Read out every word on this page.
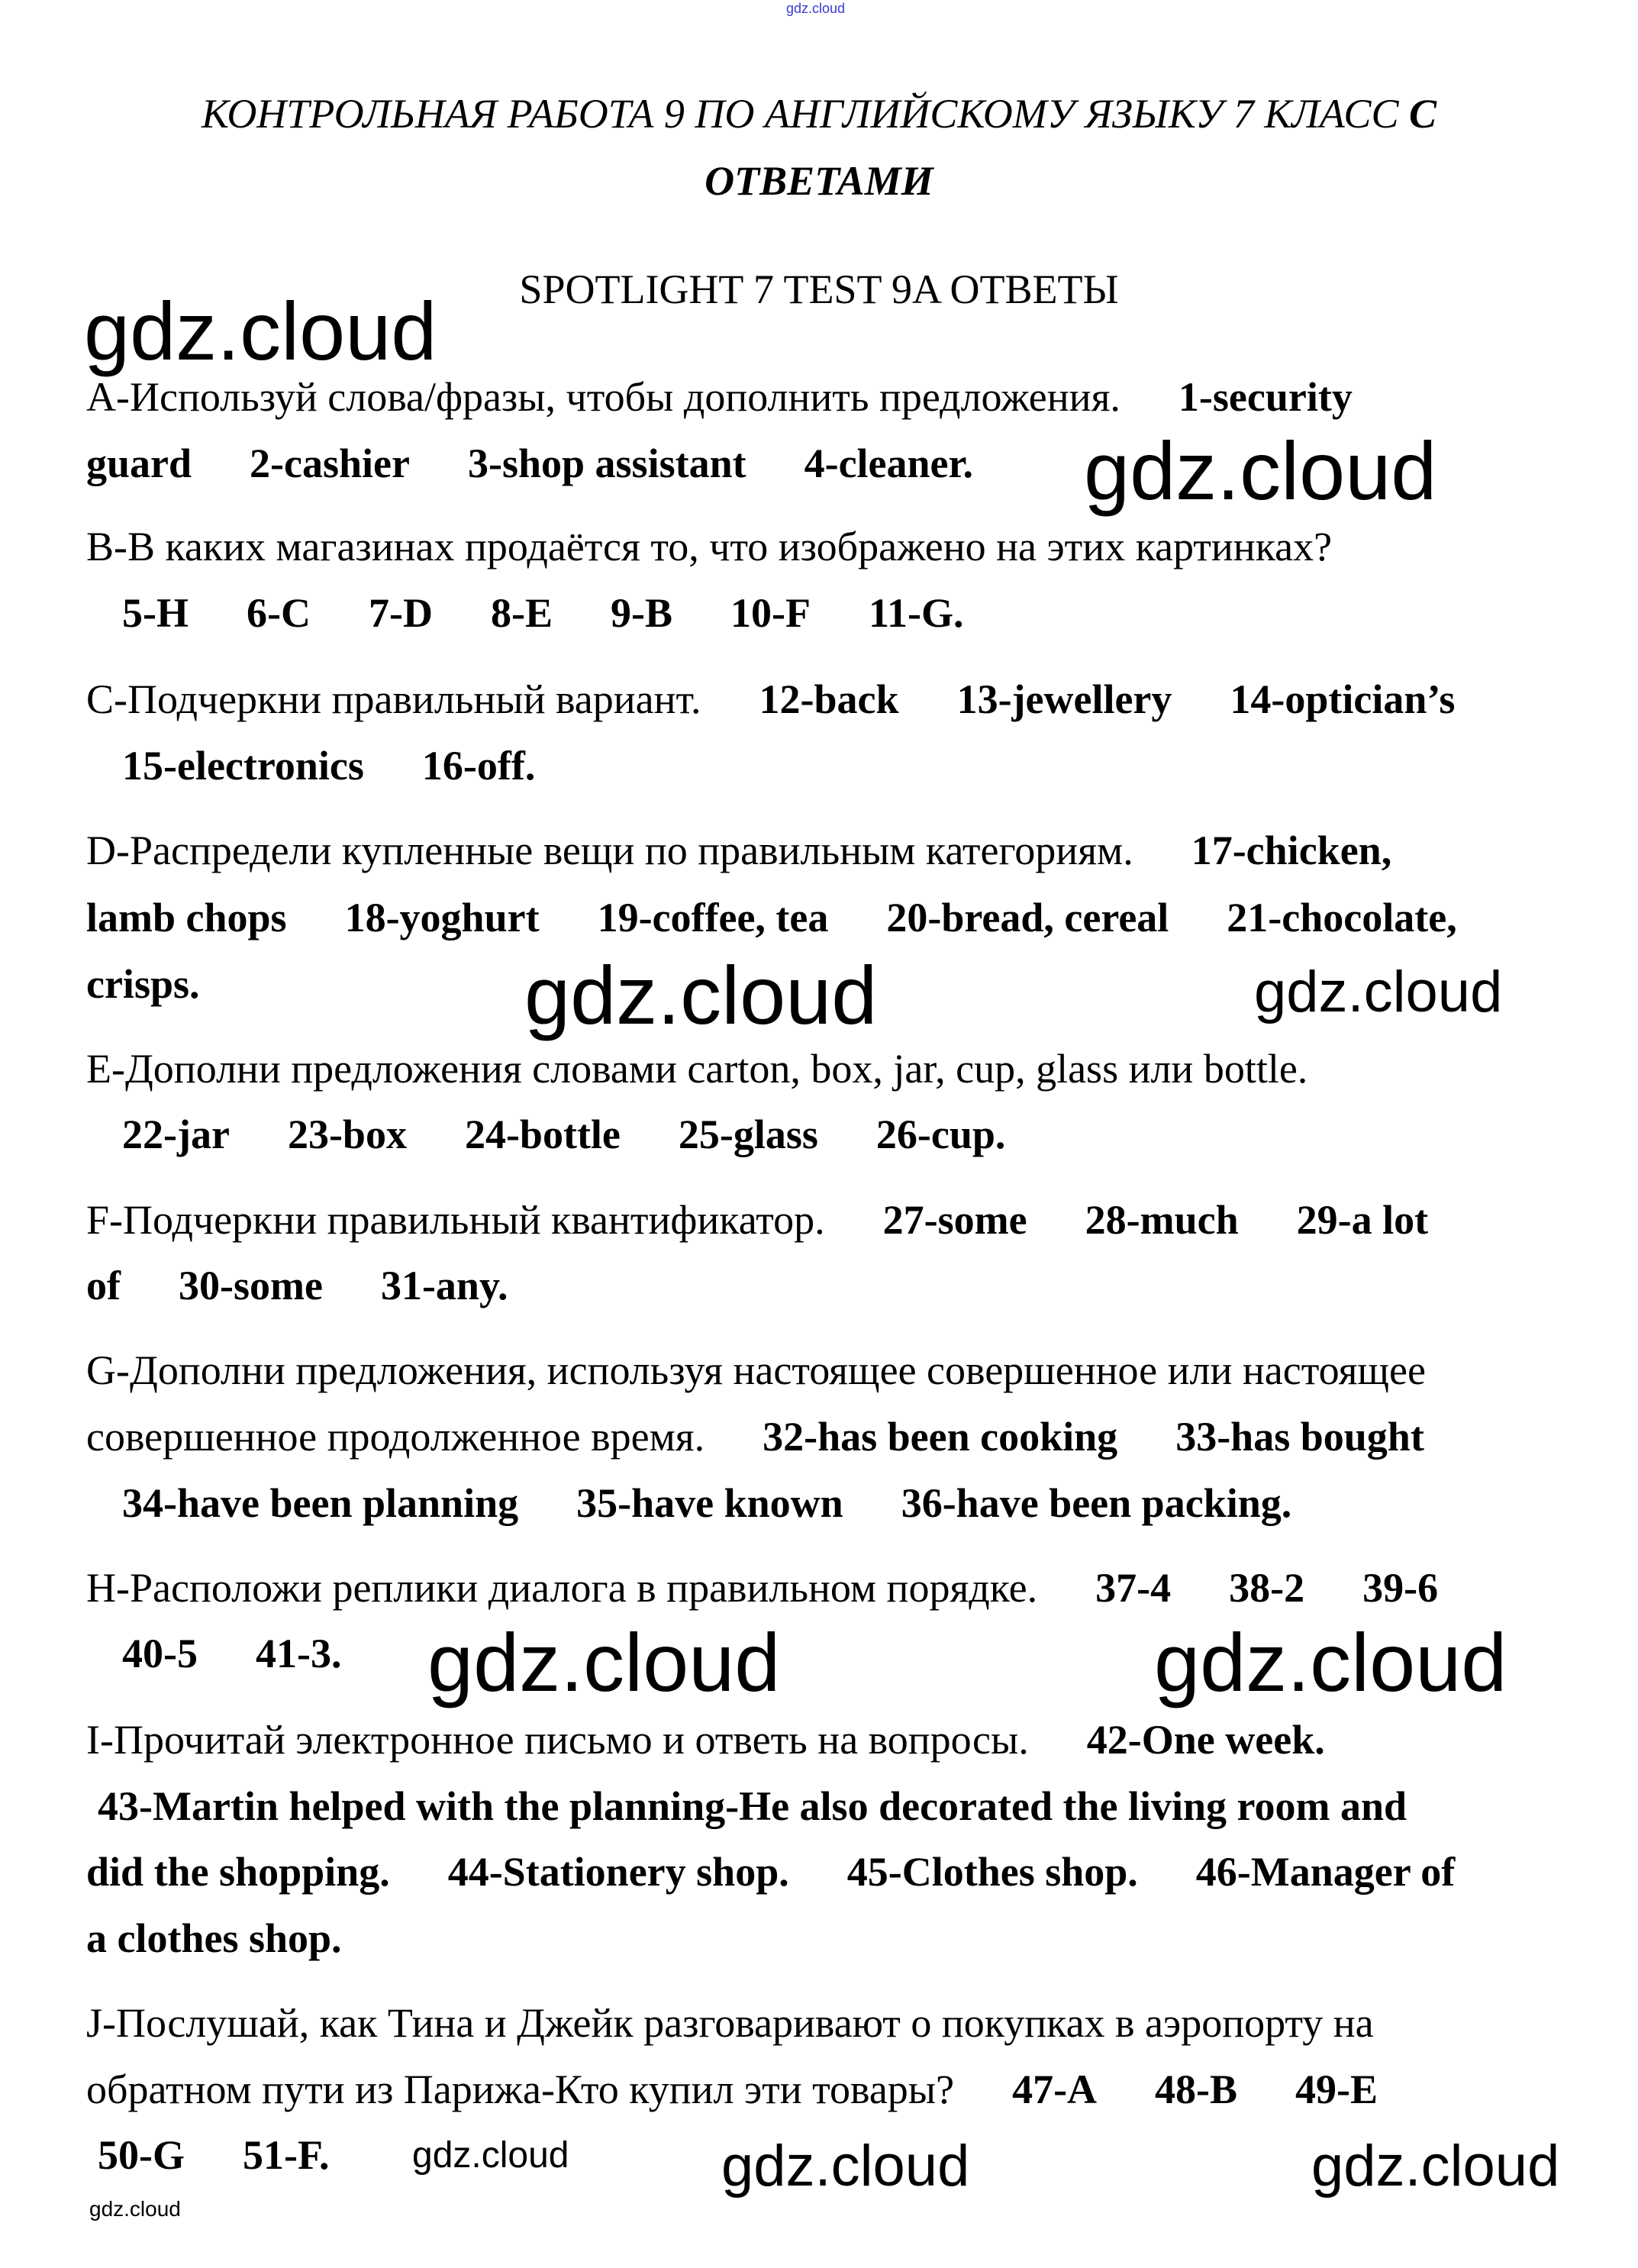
gdz.cloud
КОНТРОЛЬНАЯ РАБОТА 9 ПО АНГЛИЙСКОМУ ЯЗЫКУ 7 КЛАСС С
ОТВЕТАМИ
SPOTLIGHT 7 TEST 9A ОТВЕТЫ
A-Используй слова/фразы, чтобы дополнить предложения. 1-security
guard 2-cashier 3-shop assistant 4-cleaner.
B-В каких магазинах продаётся то, что изображено на этих картинках?
5-H 6-C 7-D 8-E 9-B 10-F 11-G.
C-Подчеркни правильный вариант. 12-back 13-jewellery 14-optician’s
15-electronics 16-off.
D-Распредели купленные вещи по правильным категориям. 17-chicken,
lamb chops 18-yoghurt 19-coffee, tea 20-bread, cereal 21-chocolate,
crisps.
E-Дополни предложения словами carton, box, jar, cup, glass или bottle.
22-jar 23-box 24-bottle 25-glass 26-cup.
F-Подчеркни правильный квантификатор. 27-some 28-much 29-a lot
of 30-some 31-any.
G-Дополни предложения, используя настоящее совершенное или настоящее
совершенное продолженное время. 32-has been cooking 33-has bought
34-have been planning 35-have known 36-have been packing.
H-Расположи реплики диалога в правильном порядке. 37-4 38-2 39-6
40-5 41-3.
I-Прочитай электронное письмо и ответь на вопросы. 42-One week.
43-Martin helped with the planning-He also decorated the living room and
did the shopping. 44-Stationery shop. 45-Clothes shop. 46-Manager of
a clothes shop.
J-Послушай, как Тина и Джейк разговаривают о покупках в аэропорту на
обратном пути из Парижа-Кто купил эти товары? 47-A 48-B 49-E
50-G 51-F.
gdz.cloud
gdz.cloud
gdz.cloud
gdz.cloud
gdz.cloud	gdz.cloud
gdz.cloud
gdz.cloud	gdz.cloud	gdz.cloud
